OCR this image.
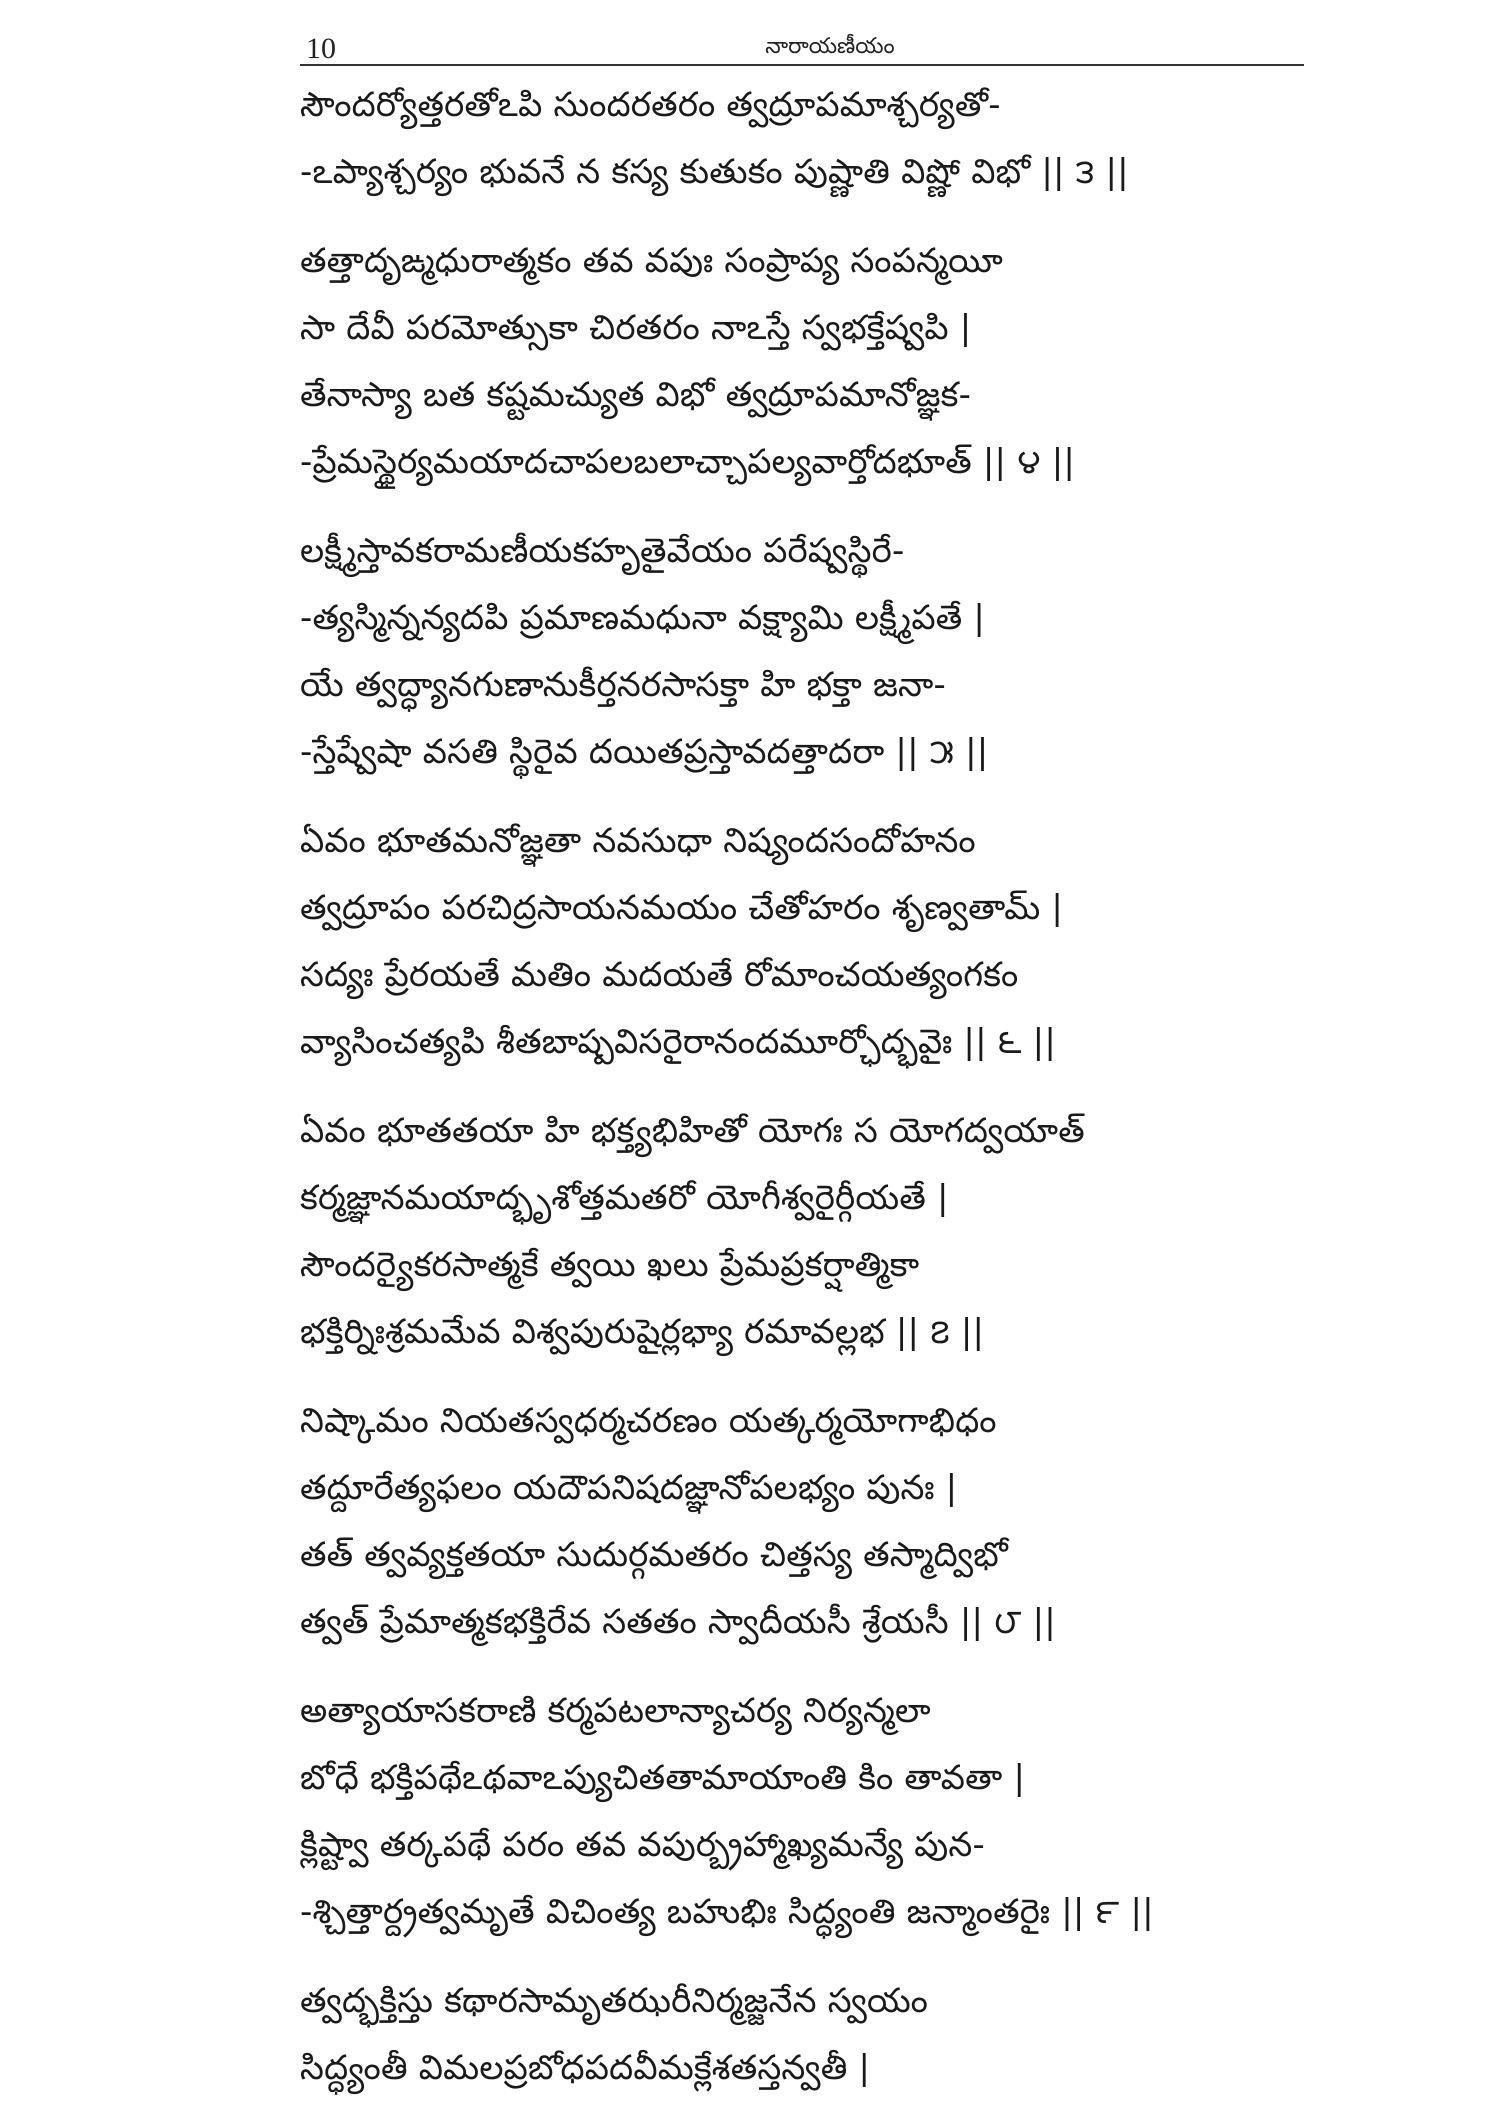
10	నారాయణీయం
సౌందర్యోత్తరతోఽపి సుందరతరం త్వద్రూపమాశ్చర్యతో-
-ఽప్యాశ్చర్యం భువనే న కస్య కుతుకం పుష్ణాతి విష్ణో విభో || ౩ ||
తత్తాదృఙ్మధురాత్మకం తవ వపుః సంప్రాప్య సంపన్మయీ
సా దేవీ పరమోత్సుకా చిరతరం నాఽస్తే స్వభక్తేష్వపి |
తేనాస్యా బత కష్టమచ్యుత విభో త్వద్రూపమానోజ్ఞక-
-ప్రేమస్థైర్యమయాదచాపలబలాచ్చాపల్యవార్తోదభూత్ || ౪ ||
లక్ష్మీస్తావకరామణీయకహృతైవేయం పరేష్వస్థిరే-
-త్యస్మిన్నన్యదపి ప్రమాణమధునా వక్ష్యామి లక్ష్మీపతే |
యే త్వద్ధ్యానగుణానుకీర్తనరసాసక్తా హి భక్తా జనా-
-స్తేష్వేషా వసతి స్థిరైవ దయితప్రస్తావదత్తాదరా || ౫ ||
ఏవం భూతమనోజ్ఞతా నవసుధా నిష్యందసందోహనం
త్వద్రూపం పరచిద్రసాయనమయం చేతోహరం శృణ్వతామ్ |
సద్యః ప్రేరయతే మతిం మదయతే రోమాంచయత్యంగకం
వ్యాసించత్యపి శీతబాష్పవిసరైరానందమూర్ఛోద్భవైః || ౬ ||
ఏవం భూతతయా హి భక్త్యభిహితో యోగః స యోగద్వయాత్
కర్మజ్ఞానమయాద్భృశోత్తమతరో యోగీశ్వరైర్గీయతే |
సౌందర్యైకరసాత్మకే త్వయి ఖలు ప్రేమప్రకర్షాత్మికా
భక్తిర్నిఃశ్రమమేవ విశ్వపురుషైర్లభ్యా రమావల్లభ || ౭ ||
నిష్కామం నియతస్వధర్మచరణం యత్కర్మయోగాభిధం
తద్దూరేత్యఫలం యదౌపనిషదజ్ఞానోపలభ్యం పునః |
తత్ త్వవ్యక్తతయా సుదుర్గమతరం చిత్తస్య తస్మాద్విభో
త్వత్ ప్రేమాత్మకభక్తిరేవ సతతం స్వాదీయసీ శ్రేయసీ || ౮ ||
అత్యాయాసకరాణి కర్మపటలాన్యాచర్య నిర్యన్మలా
బోధే భక్తిపథేఽథవాఽప్యుచితతామాయాంతి కిం తావతా |
క్లిష్ట్వా తర్కపథే పరం తవ వపుర్బ్రహ్మాఖ్యమన్యే పున-
-శ్చిత్తార్ద్రత్వమృతే విచింత్య బహుభిః సిద్ధ్యంతి జన్మాంతరైః || ౯ ||
త్వద్భక్తిస్తు కథారసామృతఝరీనిర్మజ్జనేన స్వయం
సిద్ధ్యంతీ విమలప్రబోధపదవీమక్లేశతస్తన్వతీ |
